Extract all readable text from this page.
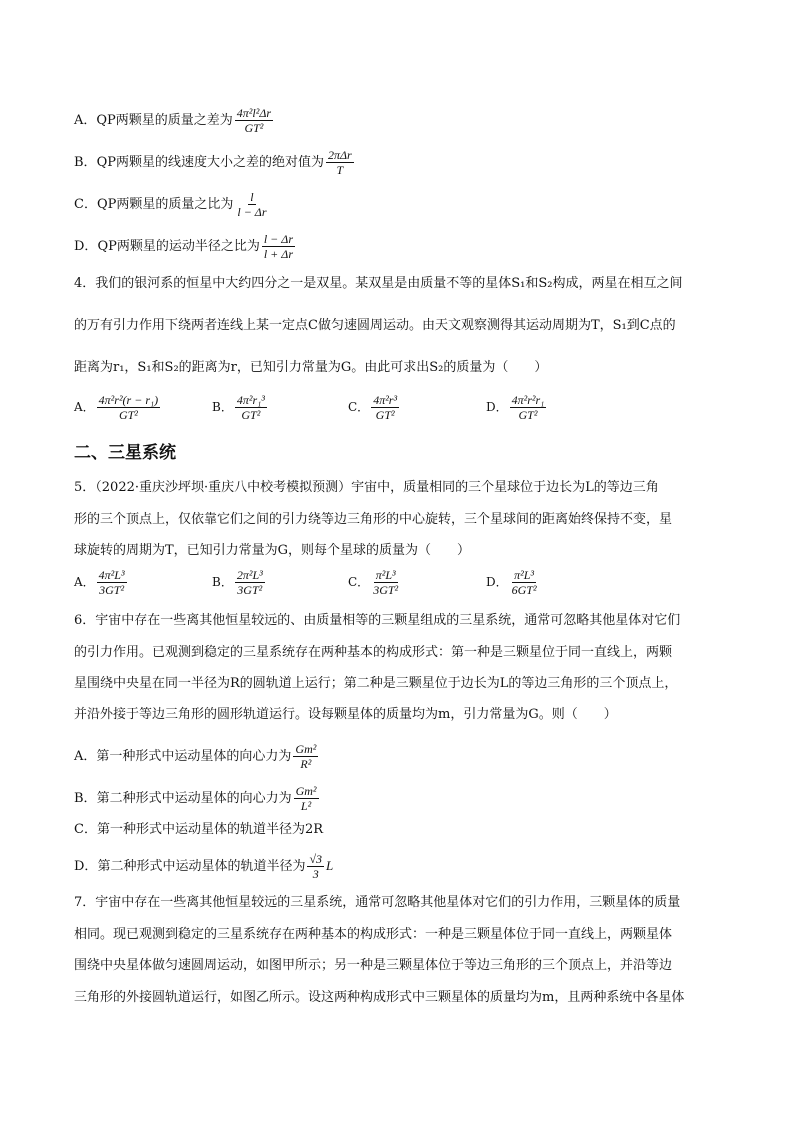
A．QP两颗星的质量之差为 $\frac{\text{4π²l²Δr}}{\text{GT²}}$
B．QP两颗星的线速度大小之差的绝对值为 $\frac{\text{2πΔr}}{T}$
C．QP两颗星的质量之比为 $\frac{l}{l - \Delta r}$
D．QP两颗星的运动半径之比为 $\frac{l - \Delta r}{l + \Delta r}$
4．我们的银河系的恒星中大约四分之一是双星。某双星是由质量不等的星体S₁和S₂构成，两星在相互之间
的万有引力作用下绕两者连线上某一定点C做匀速圆周运动。由天文观察测得其运动周期为T，S₁到C点的
距离为r₁，S₁和S₂的距离为r，已知引力常量为G。由此可求出S₂的质量为（　　）
A． $\frac{\text{4π²r²(r − r₁)}}{\text{GT²}}$	B． $\frac{\text{4π²r₁³}}{\text{GT²}}$	C． $\frac{\text{4π²r³}}{\text{GT²}}$	D． $\frac{\text{4π²r²r₁}}{\text{GT²}}$
二、三星系统
5．（2022·重庆沙坪坝·重庆八中校考模拟预测）宇宙中，质量相同的三个星球位于边长为L的等边三角
形的三个顶点上，仅依靠它们之间的引力绕等边三角形的中心旋转，三个星球间的距离始终保持不变，星
球旋转的周期为T，已知引力常量为G，则每个星球的质量为（　　）
A． $\frac{\text{4π²L³}}{\text{3GT²}}$	B． $\frac{\text{2π²L³}}{\text{3GT²}}$	C． $\frac{\text{π²L³}}{\text{3GT²}}$	D． $\frac{\text{π²L³}}{\text{6GT²}}$
6．宇宙中存在一些离其他恒星较远的、由质量相等的三颗星组成的三星系统，通常可忽略其他星体对它们
的引力作用。已观测到稳定的三星系统存在两种基本的构成形式：第一种是三颗星位于同一直线上，两颗
星围绕中央星在同一半径为R的圆轨道上运行；第二种是三颗星位于边长为L的等边三角形的三个顶点上，
并沿外接于等边三角形的圆形轨道运行。设每颗星体的质量均为m，引力常量为G。则（　　）
A．第一种形式中运动星体的向心力为 $\frac{\text{Gm²}}{\text{R²}}$
B．第二种形式中运动星体的向心力为 $\frac{\text{Gm²}}{\text{L²}}$
C．第一种形式中运动星体的轨道半径为2R
D．第二种形式中运动星体的轨道半径为 $\frac{√3}{3}$ L
7．宇宙中存在一些离其他恒星较远的三星系统，通常可忽略其他星体对它们的引力作用，三颗星体的质量
相同。现已观测到稳定的三星系统存在两种基本的构成形式：一种是三颗星体位于同一直线上，两颗星体
围绕中央星体做匀速圆周运动，如图甲所示；另一种是三颗星体位于等边三角形的三个顶点上，并沿等边
三角形的外接圆轨道运行，如图乙所示。设这两种构成形式中三颗星体的质量均为m，且两种系统中各星体
